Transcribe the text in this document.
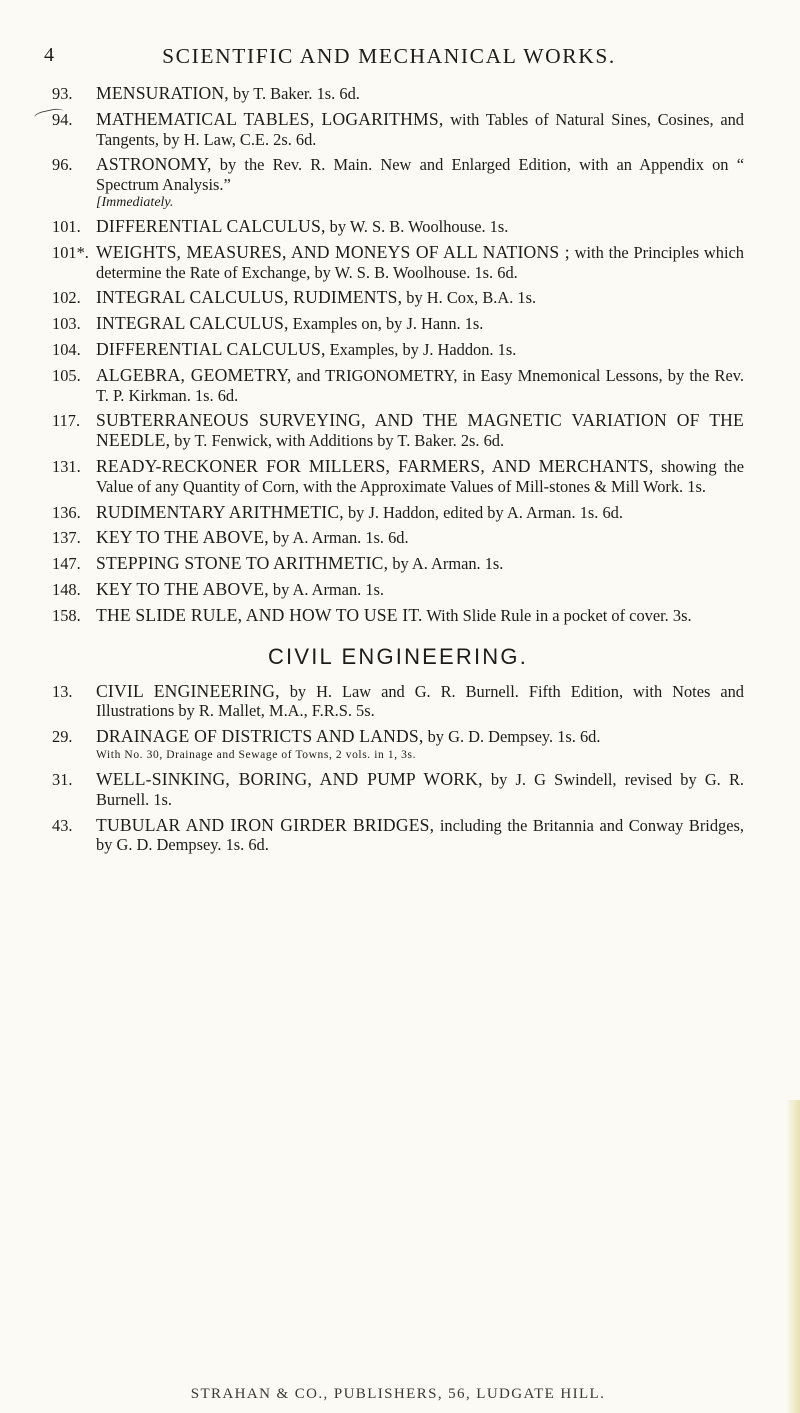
4	SCIENTIFIC AND MECHANICAL WORKS.
93. MENSURATION, by T. Baker. 1s. 6d.
94. MATHEMATICAL TABLES, LOGARITHMS, with Tables of Natural Sines, Cosines, and Tangents, by H. Law, C.E. 2s. 6d.
96. ASTRONOMY, by the Rev. R. Main. New and Enlarged Edition, with an Appendix on “ Spectrum Analysis.”
[Immediately.
101. DIFFERENTIAL CALCULUS, by W. S. B. Woolhouse. 1s.
101*. WEIGHTS, MEASURES, AND MONEYS OF ALL NATIONS ; with the Principles which determine the Rate of Exchange, by W. S. B. Woolhouse. 1s. 6d.
102. INTEGRAL CALCULUS, RUDIMENTS, by H. Cox, B.A. 1s.
103. INTEGRAL CALCULUS, Examples on, by J. Hann. 1s.
104. DIFFERENTIAL CALCULUS, Examples, by J. Haddon. 1s.
105. ALGEBRA, GEOMETRY, and TRIGONOMETRY, in Easy Mnemonical Lessons, by the Rev. T. P. Kirkman. 1s. 6d.
117. SUBTERRANEOUS SURVEYING, AND THE MAGNETIC VARIATION OF THE NEEDLE, by T. Fenwick, with Additions by T. Baker. 2s. 6d.
131. READY-RECKONER FOR MILLERS, FARMERS, AND MERCHANTS, showing the Value of any Quantity of Corn, with the Approximate Values of Mill-stones & Mill Work. 1s.
136. RUDIMENTARY ARITHMETIC, by J. Haddon, edited by A. Arman. 1s. 6d.
137. KEY TO THE ABOVE, by A. Arman. 1s. 6d.
147. STEPPING STONE TO ARITHMETIC, by A. Arman. 1s.
148. KEY TO THE ABOVE, by A. Arman. 1s.
158. THE SLIDE RULE, AND HOW TO USE IT. With Slide Rule in a pocket of cover. 3s.
CIVIL ENGINEERING.
13. CIVIL ENGINEERING, by H. Law and G. R. Burnell. Fifth Edition, with Notes and Illustrations by R. Mallet, M.A., F.R.S. 5s.
29. DRAINAGE OF DISTRICTS AND LANDS, by G. D. Dempsey. 1s. 6d.
With No. 30, Drainage and Sewage of Towns, 2 vols. in 1, 3s.
31. WELL-SINKING, BORING, AND PUMP WORK, by J. G Swindell, revised by G. R. Burnell. 1s.
43. TUBULAR AND IRON GIRDER BRIDGES, including the Britannia and Conway Bridges, by G. D. Dempsey. 1s. 6d.
STRAHAN & CO., PUBLISHERS, 56, LUDGATE HILL.
